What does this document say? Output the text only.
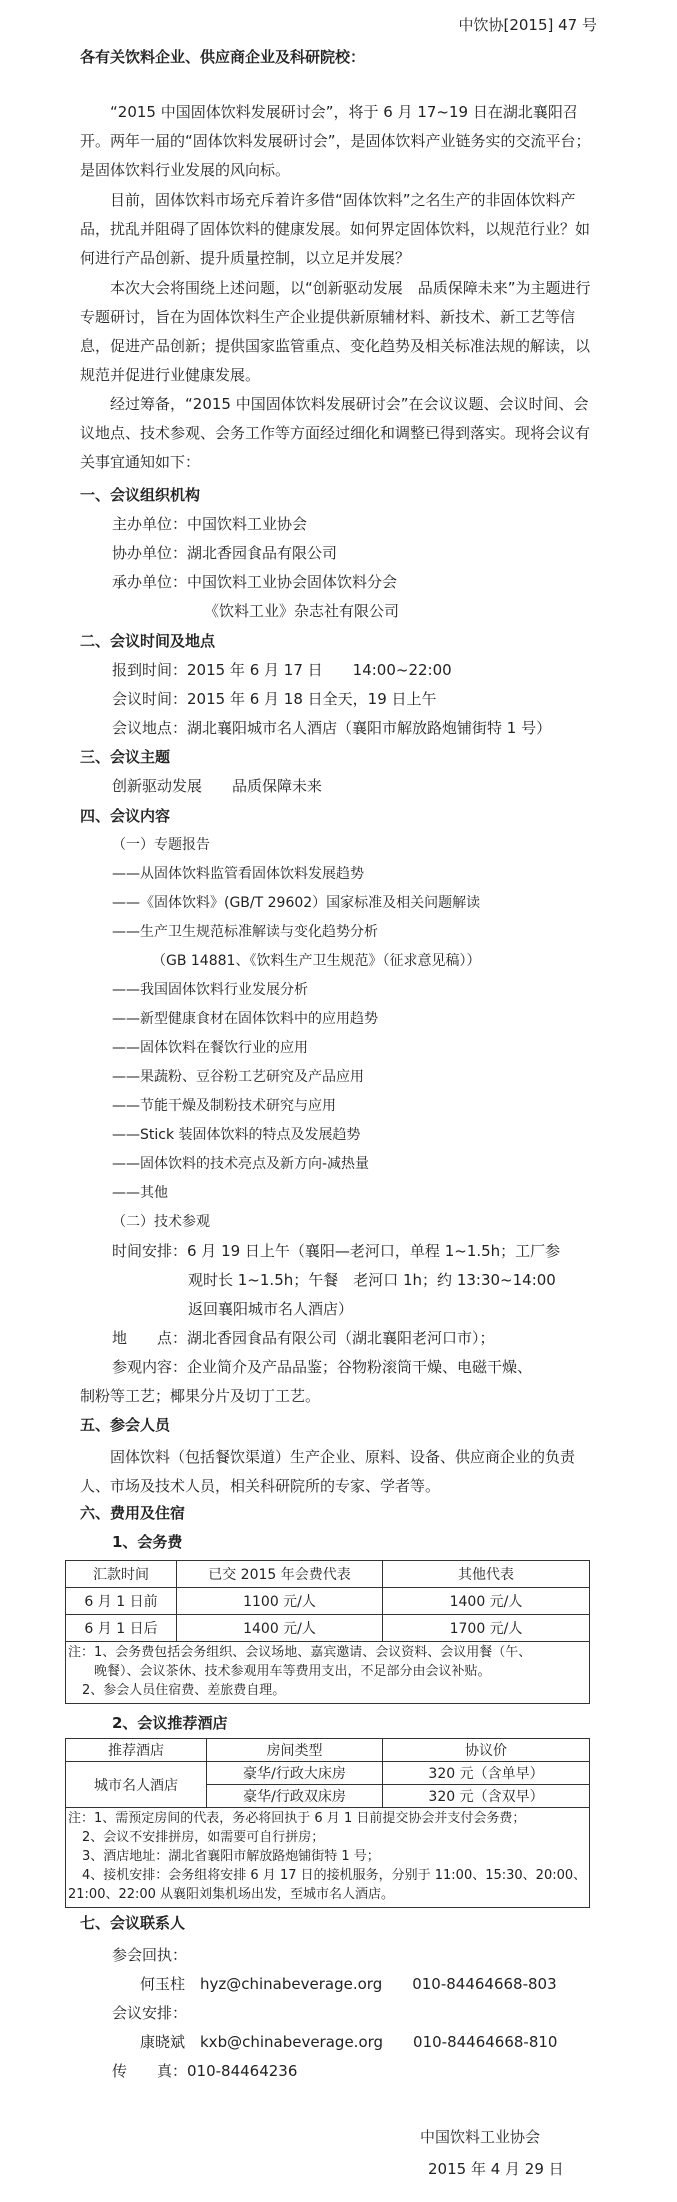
中饮协[2015] 47 号
各有关饮料企业、供应商企业及科研院校：

“2015 中国固体饮料发展研讨会”，将于 6 月 17~19 日在湖北襄阳召开。两年一届的“固体饮料发展研讨会”，是固体饮料产业链务实的交流平台；是固体饮料行业发展的风向标。

目前，固体饮料市场充斥着许多借“固体饮料”之名生产的非固体饮料产品，扰乱并阻碍了固体饮料的健康发展。如何界定固体饮料，以规范行业？如何进行产品创新、提升质量控制，以立足并发展？

本次大会将围绕上述问题，以“创新驱动发展　品质保障未来”为主题进行专题研讨，旨在为固体饮料生产企业提供新原辅材料、新技术、新工艺等信息，促进产品创新；提供国家监管重点、变化趋势及相关标准法规的解读，以规范并促进行业健康发展。

经过筹备，“2015 中国固体饮料发展研讨会”在会议议题、会议时间、会议地点、技术参观、会务工作等方面经过细化和调整已得到落实。现将会议有关事宜通知如下：

一、会议组织机构
主办单位：中国饮料工业协会
协办单位：湖北香园食品有限公司
承办单位：中国饮料工业协会固体饮料分会
《饮料工业》杂志社有限公司
二、会议时间及地点
报到时间：2015 年 6 月 17 日　　14:00~22:00
会议时间：2015 年 6 月 18 日全天，19 日上午
会议地点：湖北襄阳城市名人酒店（襄阳市解放路炮铺街特 1 号）
三、会议主题
创新驱动发展　　品质保障未来
四、会议内容
（一）专题报告
——从固体饮料监管看固体饮料发展趋势
——《固体饮料》(GB/T 29602）国家标准及相关问题解读
——生产卫生规范标准解读与变化趋势分析
（GB 14881、《饮料生产卫生规范》（征求意见稿））
——我国固体饮料行业发展分析
——新型健康食材在固体饮料中的应用趋势
——固体饮料在餐饮行业的应用
——果蔬粉、豆谷粉工艺研究及产品应用
——节能干燥及制粉技术研究与应用
——Stick 装固体饮料的特点及发展趋势
——固体饮料的技术亮点及新方向-减热量
——其他
（二）技术参观
时间安排：6 月 19 日上午（襄阳—老河口，单程 1~1.5h；工厂参
观时长 1~1.5h；午餐　老河口 1h；约 13:30~14:00
返回襄阳城市名人酒店）
地　　点：湖北香园食品有限公司（湖北襄阳老河口市）；
参观内容：企业简介及产品品鉴；谷物粉滚筒干燥、电磁干燥、
制粉等工艺；椰果分片及切丁工艺。
五、参会人员

固体饮料（包括餐饮渠道）生产企业、原料、设备、供应商企业的负责人、市场及技术人员，相关科研院所的专家、学者等。

六、费用及住宿
1、会务费
汇款时间	已交 2015 年会费代表	其他代表
6 月 1 日前	1100 元/人	1400 元/人
6 月 1 日后	1400 元/人	1700 元/人
注：1、会务费包括会务组织、会议场地、嘉宾邀请、会议资料、会议用餐（午、
晚餐）、会议茶休、技术参观用车等费用支出，不足部分由会议补贴。
2、参会人员住宿费、差旅费自理。
2、会议推荐酒店
推荐酒店	房间类型	协议价
城市名人酒店	豪华/行政大床房	320 元（含单早）
	豪华/行政双床房	320 元（含双早）
注：1、需预定房间的代表，务必将回执于 6 月 1 日前提交协会并支付会务费；
2、会议不安排拼房，如需要可自行拼房；
3、酒店地址：湖北省襄阳市解放路炮铺街特 1 号；
4、接机安排：会务组将安排 6 月 17 日的接机服务，分别于 11:00、15:30、20:00、
21:00、22:00 从襄阳刘集机场出发，至城市名人酒店。
七、会议联系人
参会回执：
何玉柱　hyz@chinabeverage.org　　010-84464668-803
会议安排：
康晓斌　kxb@chinabeverage.org　　010-84464668-810
传　　真：010-84464236
中国饮料工业协会
2015 年 4 月 29 日
